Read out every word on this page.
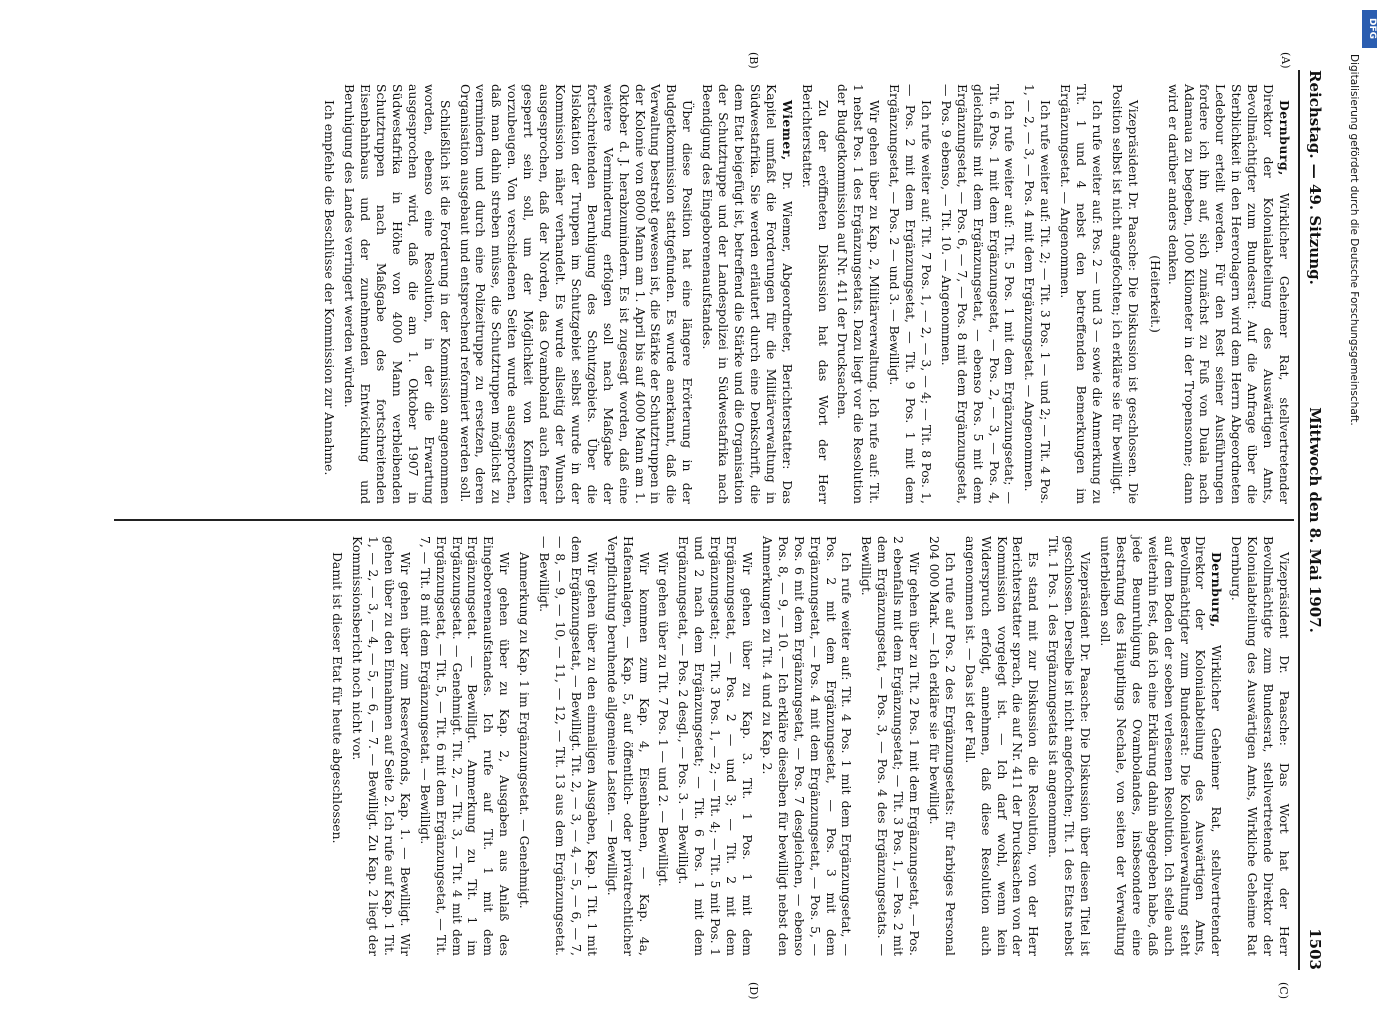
Reichstag. — 49. Sitzung.
Mittwoch den 8. Mai 1907.
1503
(A)
(B)
(C)
(D)

Dernburg, Wirklicher Geheimer Rat, stellvertretender Direktor der Kolonialabteilung des Auswärtigen Amts, Bevollmächtigter zum Bundesrat: Auf die Anfrage über die Sterblichkeit in den Hererolagern wird dem Herrn Abgeordneten Ledebour erteilt werden. Für den Rest seiner Ausführungen fordere ich ihn auf, sich zunächst zu Fuß von Duala nach Adamaua zu begeben, 1000 Kilometer in der Tropensonne; dann wird er darüber anders denken.

(Heiterkeit.)

Vizepräsident Dr. Paasche: Die Diskussion ist geschlossen. Die Position selbst ist nicht angefochten; ich erkläre sie für bewilligt.

Ich rufe weiter auf: Pos. 2 — und 3 — sowie die Anmerkung zu Tit. 1 und 4 nebst den betreffenden Bemerkungen im Ergänzungsetat. — Angenommen.

Ich rufe weiter auf: Tit. 2; — Tit. 3 Pos. 1 — und 2; — Tit. 4 Pos. 1, — 2, — 3, — Pos. 4 mit dem Ergänzungsetat. — Angenommen.

Ich rufe weiter auf: Tit. 5 Pos. 1 mit dem Ergänzungsetat; — Tit. 6 Pos. 1 mit dem Ergänzungsetat, — Pos. 2, — 3, — Pos. 4, gleichfalls mit dem Ergänzungsetat, — ebenso Pos. 5 mit dem Ergänzungsetat, — Pos. 6, — 7, — Pos. 8 mit dem Ergänzungsetat, — Pos. 9 ebenso, — Tit. 10. — Angenommen.

Ich rufe weiter auf: Tit. 7 Pos. 1, — 2, — 3, — 4; — Tit. 8 Pos. 1, — Pos. 2 mit dem Ergänzungsetat, — Tit. 9 Pos. 1 mit dem Ergänzungsetat, — Pos. 2 — und 3. — Bewilligt.

Wir gehen über zu Kap. 2, Militärverwaltung. Ich rufe auf: Tit. 1 nebst Pos. 1 des Ergänzungsetats. Dazu liegt vor die Resolution der Budgetkommission auf Nr. 411 der Drucksachen.

Zu der eröffneten Diskussion hat das Wort der Herr Berichterstatter.

Wiemer, Dr. Wiemer, Abgeordneter, Berichterstatter: Das Kapitel umfaßt die Forderungen für die Militärverwaltung in Südwestafrika. Sie werden erläutert durch eine Denkschrift, die dem Etat beigefügt ist, betreffend die Stärke und die Organisation der Schutztruppe und der Landespolizei in Südwestafrika nach Beendigung des Eingeborenenaufstandes.

Über diese Position hat eine längere Erörterung in der Budgetkommission stattgefunden. Es wurde anerkannt, daß die Verwaltung bestrebt gewesen ist, die Stärke der Schutztruppen in der Kolonie von 8000 Mann am 1. April bis auf 4000 Mann am 1. Oktober d. J. herabzumindern. Es ist zugesagt worden, daß eine weitere Verminderung erfolgen soll nach Maßgabe der fortschreitenden Beruhigung des Schutzgebiets. Über die Dislokation der Truppen im Schutzgebiet selbst wurde in der Kommission näher verhandelt. Es wurde allseitig der Wunsch ausgesprochen, daß der Norden, das Ovamboland auch ferner gesperrt sein soll, um der Möglichkeit von Konflikten vorzubeugen. Von verschiedenen Seiten wurde ausgesprochen, daß man dahin streben müsse, die Schutztruppen möglichst zu vermindern und durch eine Polizeitruppe zu ersetzen, deren Organisation ausgebaut und entsprechend reformiert werden soll.

Schließlich ist die Forderung in der Kommission angenommen worden, ebenso eine Resolution, in der die Erwartung ausgesprochen wird, daß die am 1. Oktober 1907 in Südwestafrika in Höhe von 4000 Mann verbleibenden Schutztruppen nach Maßgabe des fortschreitenden Eisenbahnbaus und der zunehmenden Entwicklung und Beruhigung des Landes verringert werden würden.

Ich empfehle die Beschlüsse der Kommission zur Annahme.

Vizepräsident Dr. Paasche: Das Wort hat der Herr Bevollmächtigte zum Bundesrat, stellvertretende Direktor der Kolonialabteilung des Auswärtigen Amts, Wirkliche Geheime Rat Dernburg.

Dernburg, Wirklicher Geheimer Rat, stellvertretender Direktor der Kolonialabteilung des Auswärtigen Amts, Bevollmächtigter zum Bundesrat: Die Kolonialverwaltung steht auf dem Boden der soeben verlesenen Resolution. Ich stelle auch weiterhin fest, daß ich eine Erklärung dahin abgegeben habe, daß jede Beunruhigung des Ovambolandes, insbesondere eine Bestrafung des Häuptlings Nechale, von seiten der Verwaltung unterbleiben soll.

Vizepräsident Dr. Paasche: Die Diskussion über diesen Titel ist geschlossen. Derselbe ist nicht angefochten; Tit. 1 des Etats nebst Tit. 1 Pos. 1 des Ergänzungsetats ist angenommen.

Es stand mit zur Diskussion die Resolution, von der Herr Berichterstatter sprach, die auf Nr. 411 der Drucksachen von der Kommission vorgelegt ist. — Ich darf wohl, wenn kein Widerspruch erfolgt, annehmen, daß diese Resolution auch angenommen ist. — Das ist der Fall.

Ich rufe auf Pos. 2 des Ergänzungsetats: für farbiges Personal 204 000 Mark. — Ich erkläre sie für bewilligt.

Wir gehen über zu Tit. 2 Pos. 1 mit dem Ergänzungsetat, — Pos. 2 ebenfalls mit dem Ergänzungsetat; — Tit. 3 Pos. 1, — Pos. 2 mit dem Ergänzungsetat, — Pos. 3, — Pos. 4 des Ergänzungsetats. — Bewilligt.

Ich rufe weiter auf: Tit. 4 Pos. 1 mit dem Ergänzungsetat, — Pos. 2 mit dem Ergänzungsetat, — Pos. 3 mit dem Ergänzungsetat, — Pos. 4 mit dem Ergänzungsetat, — Pos. 5, — Pos. 6 mit dem Ergänzungsetat, — Pos. 7 desgleichen, — ebenso Pos. 8, — 9, — 10. — Ich erkläre dieselben für bewilligt nebst den Anmerkungen zu Tit. 4 und zu Kap. 2.

Wir gehen über zu Kap. 3. Tit. 1 Pos. 1 mit dem Ergänzungsetat, — Pos. 2 — und 3; — Tit. 2 mit dem Ergänzungsetat; — Tit. 3 Pos. 1, — 2; — Tit. 4; — Tit. 5 mit Pos. 1 und 2 nach dem Ergänzungsetat; — Tit. 6 Pos. 1 mit dem Ergänzungsetat, — Pos. 2 desgl., — Pos. 3. — Bewilligt.

Wir gehen über zu Tit. 7 Pos. 1 — und 2. — Bewilligt.

Wir kommen zum Kap. 4, Eisenbahnen, — Kap. 4a, Hafenanlagen, — Kap. 5, auf öffentlich- oder privatrechtlicher Verpflichtung beruhende allgemeine Lasten. — Bewilligt.

Wir gehen über zu den einmaligen Ausgaben, Kap. 1 Tit. 1 mit dem Ergänzungsetat, — Bewilligt. Tit. 2, — 3, — 4, — 5, — 6, — 7, — 8, — 9, — 10, — 11, — 12, — Tit. 13 aus dem Ergänzungsetat. — Bewilligt.

Anmerkung zu Kap. 1 im Ergänzungsetat. — Genehmigt.

Wir gehen über zu Kap. 2, Ausgaben aus Anlaß des Eingeborenenaufstandes. Ich rufe auf Tit. 1 mit dem Ergänzungsetat. — Bewilligt. Anmerkung zu Tit. 1 im Ergänzungsetat. — Genehmigt. Tit. 2, — Tit. 3, — Tit. 4 mit dem Ergänzungsetat, — Tit. 5, — Tit. 6 mit dem Ergänzungsetat, — Tit. 7, — Tit. 8 mit dem Ergänzungsetat. — Bewilligt.

Wir gehen über zum Reservefonds, Kap. 1. — Bewilligt. Wir gehen über zu den Einnahmen auf Seite 2. Ich rufe auf Kap. 1 Tit. 1, — 2, — 3, — 4, — 5, — 6, — 7. — Bewilligt. Zu Kap. 2 liegt der Kommissionsbericht noch nicht vor.

Damit ist dieser Etat für heute abgeschlossen.

DFG
Digitalisierung gefördert durch die Deutsche Forschungsgemeinschaft.
